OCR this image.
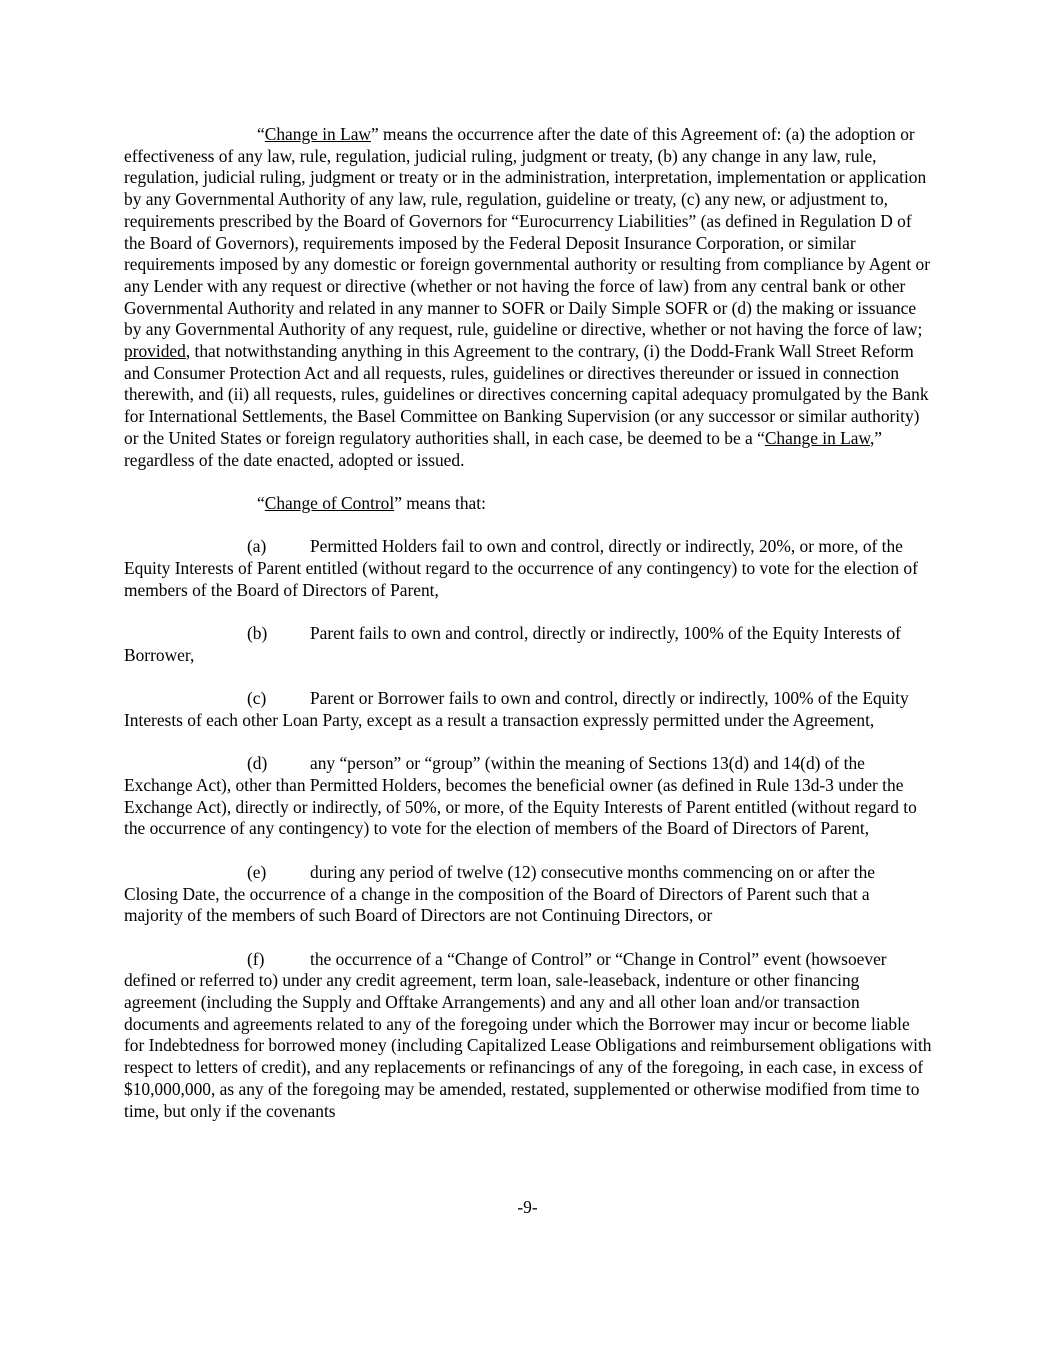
“Change in Law” means the occurrence after the date of this Agreement of: (a) the adoption or effectiveness of any law, rule, regulation, judicial ruling, judgment or treaty, (b) any change in any law, rule, regulation, judicial ruling, judgment or treaty or in the administration, interpretation, implementation or application by any Governmental Authority of any law, rule, regulation, guideline or treaty, (c) any new, or adjustment to, requirements prescribed by the Board of Governors for “Eurocurrency Liabilities” (as defined in Regulation D of the Board of Governors), requirements imposed by the Federal Deposit Insurance Corporation, or similar requirements imposed by any domestic or foreign governmental authority or resulting from compliance by Agent or any Lender with any request or directive (whether or not having the force of law) from any central bank or other Governmental Authority and related in any manner to SOFR or Daily Simple SOFR or (d) the making or issuance by any Governmental Authority of any request, rule, guideline or directive, whether or not having the force of law; provided, that notwithstanding anything in this Agreement to the contrary, (i) the Dodd-Frank Wall Street Reform and Consumer Protection Act and all requests, rules, guidelines or directives thereunder or issued in connection therewith, and (ii) all requests, rules, guidelines or directives concerning capital adequacy promulgated by the Bank for International Settlements, the Basel Committee on Banking Supervision (or any successor or similar authority) or the United States or foreign regulatory authorities shall, in each case, be deemed to be a “Change in Law,” regardless of the date enacted, adopted or issued.

“Change of Control” means that:

(a)	Permitted Holders fail to own and control, directly or indirectly, 20%, or more, of the Equity Interests of Parent entitled (without regard to the occurrence of any contingency) to vote for the election of members of the Board of Directors of Parent,

(b) Parent fails to own and control, directly or indirectly, 100% of the Equity Interests of Borrower,

(c)	Parent or Borrower fails to own and control, directly or indirectly, 100% of the Equity Interests of each other Loan Party, except as a result a transaction expressly permitted under the Agreement,

(d) any “person” or “group” (within the meaning of Sections 13(d) and 14(d) of the Exchange Act), other than Permitted Holders, becomes the beneficial owner (as defined in Rule 13d-3 under the Exchange Act), directly or indirectly, of 50%, or more, of the Equity Interests of Parent entitled (without regard to the occurrence of any contingency) to vote for the election of members of the Board of Directors of Parent,

(e)	during any period of twelve (12) consecutive months commencing on or after the Closing Date, the occurrence of a change in the composition of the Board of Directors of Parent such that a majority of the members of such Board of Directors are not Continuing Directors, or

(f)	the occurrence of a “Change of Control” or “Change in Control” event (howsoever defined or referred to) under any credit agreement, term loan, sale-leaseback, indenture or other financing agreement (including the Supply and Offtake Arrangements) and any and all other loan and/or transaction documents and agreements related to any of the foregoing under which the Borrower may incur or become liable for Indebtedness for borrowed money (including Capitalized Lease Obligations and reimbursement obligations with respect to letters of credit), and any replacements or refinancings of any of the foregoing, in each case, in excess of $10,000,000, as any of the foregoing may be amended, restated, supplemented or otherwise modified from time to time, but only if the covenants

-9-
